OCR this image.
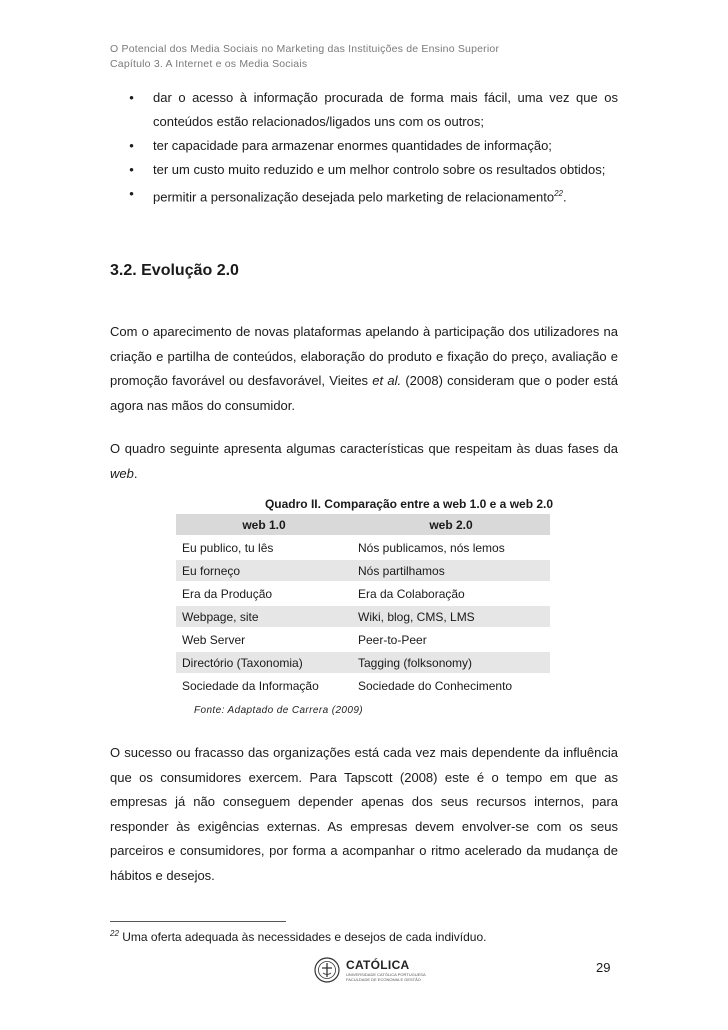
O Potencial dos Media Sociais no Marketing das Instituições de Ensino Superior
Capítulo 3. A Internet e os Media Sociais
•	dar o acesso à informação procurada de forma mais fácil, uma vez que os conteúdos estão relacionados/ligados uns com os outros;
•	ter capacidade para armazenar enormes quantidades de informação;
•	ter um custo muito reduzido e um melhor controlo sobre os resultados obtidos;
•	permitir a personalização desejada pelo marketing de relacionamento$^{22}$.
3.2. Evolução 2.0

Com o aparecimento de novas plataformas apelando à participação dos utilizadores na criação e partilha de conteúdos, elaboração do produto e fixação do preço, avaliação e promoção favorável ou desfavorável, Vieites et al. (2008) consideram que o poder está agora nas mãos do consumidor.

O quadro seguinte apresenta algumas características que respeitam às duas fases da web.

Quadro II. Comparação entre a web 1.0 e a web 2.0
web 1.0	web 2.0
Eu publico, tu lês	Nós publicamos, nós lemos
Eu forneço	Nós partilhamos
Era da Produção	Era da Colaboração
Webpage, site	Wiki, blog, CMS, LMS
Web Server	Peer-to-Peer
Directório (Taxonomia)	Tagging (folksonomy)
Sociedade da Informação	Sociedade do Conhecimento
Fonte: Adaptado de Carrera (2009)

O sucesso ou fracasso das organizações está cada vez mais dependente da influência que os consumidores exercem. Para Tapscott (2008) este é o tempo em que as empresas já não conseguem depender apenas dos seus recursos internos, para responder às exigências externas. As empresas devem envolver-se com os seus parceiros e consumidores, por forma a acompanhar o ritmo acelerado da mudança de hábitos e desejos.

$^{22}$ Uma oferta adequada às necessidades e desejos de cada indivíduo.
CATÓLICA
UNIVERSIDADE CATÓLICA PORTUGUESA
FACULDADE DE ECONOMIA E GESTÃO
29
